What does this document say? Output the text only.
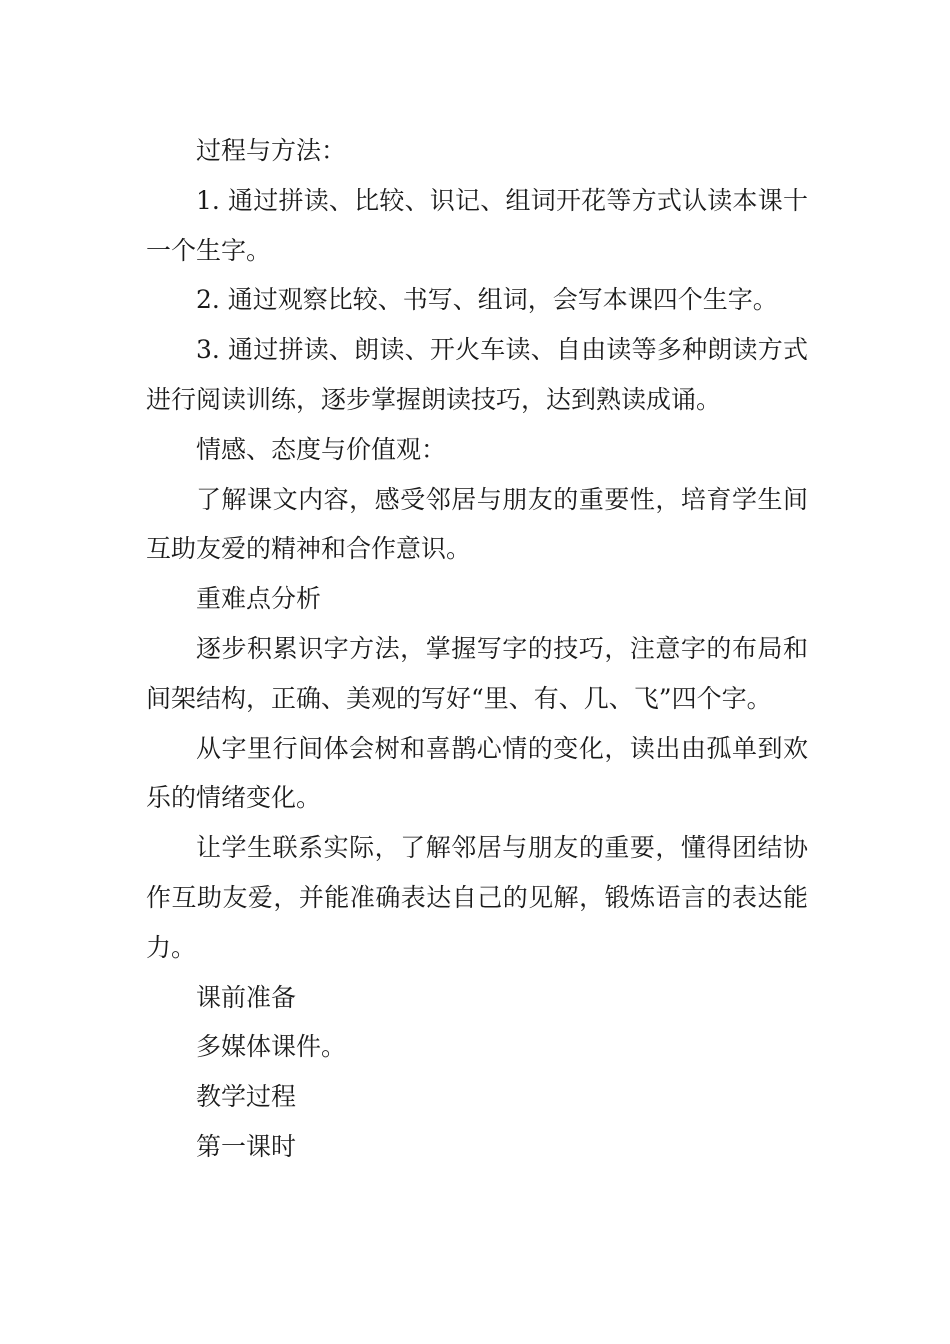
过程与方法：

1. 通过拼读、比较、识记、组词开花等方式认读本课十一个生字。

2. 通过观察比较、书写、组词，会写本课四个生字。

3. 通过拼读、朗读、开火车读、自由读等多种朗读方式进行阅读训练，逐步掌握朗读技巧，达到熟读成诵。

情感、态度与价值观：

了解课文内容，感受邻居与朋友的重要性，培育学生间互助友爱的精神和合作意识。

重难点分析

逐步积累识字方法，掌握写字的技巧，注意字的布局和间架结构，正确、美观的写好“里、有、几、飞”四个字。

从字里行间体会树和喜鹊心情的变化，读出由孤单到欢乐的情绪变化。

让学生联系实际，了解邻居与朋友的重要，懂得团结协作互助友爱，并能准确表达自己的见解，锻炼语言的表达能力。

课前准备

多媒体课件。

教学过程

第一课时
